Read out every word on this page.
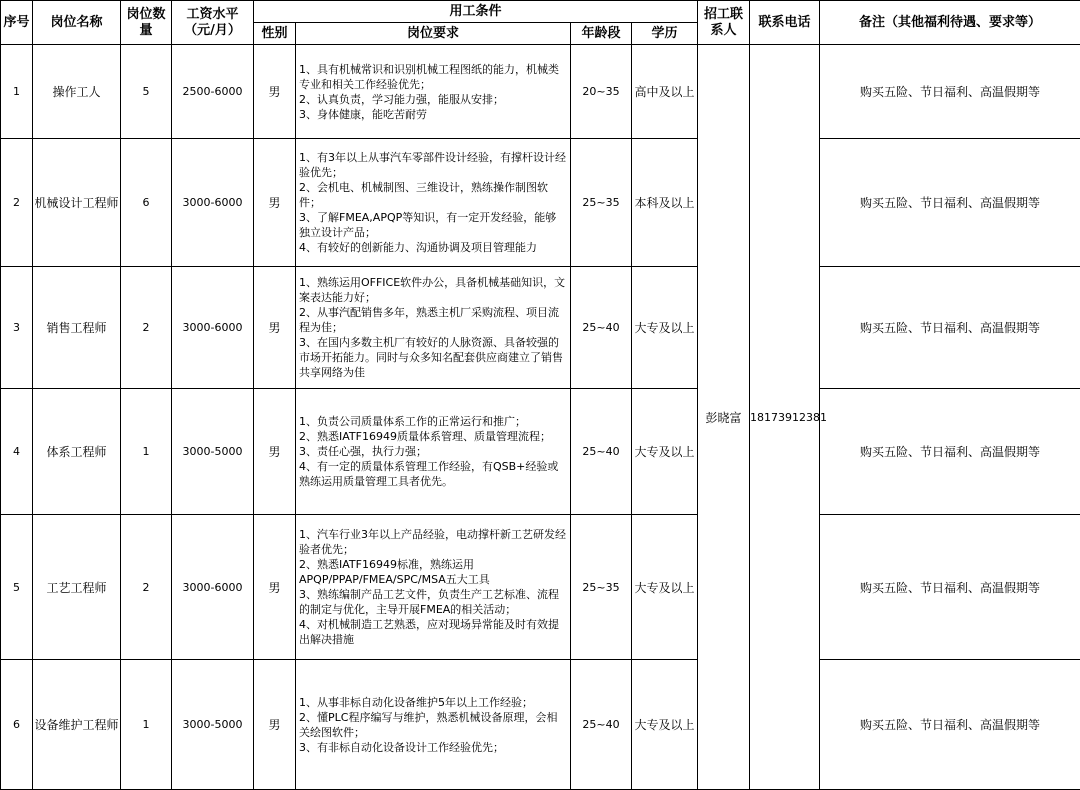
序号	岗位名称	岗位数量	工资水平（元/月）	用工条件				招工联系人	联系电话	备注（其他福利待遇、要求等）
				性别	岗位要求	年龄段	学历			
1	操作工人	5	2500-6000	男	1、具有机械常识和识别机械工程图纸的能力，机械类专业和相关工作经验优先；
2、认真负责，学习能力强，能服从安排；
3、身体健康，能吃苦耐劳	20~35	高中及以上	彭晓富	18173912381	购买五险、节日福利、高温假期等
2	机械设计工程师	6	3000-6000	男	1、有3年以上从事汽车零部件设计经验，有撑杆设计经验优先；
2、会机电、机械制图、三维设计，熟练操作制图软件；
3、了解FMEA,APQP等知识，有一定开发经验，能够独立设计产品；
4、有较好的创新能力、沟通协调及项目管理能力	25~35	本科及以上			购买五险、节日福利、高温假期等
3	销售工程师	2	3000-6000	男	1、熟练运用OFFICE软件办公，具备机械基础知识，文案表达能力好；
2、从事汽配销售多年，熟悉主机厂采购流程、项目流程为佳；
3、在国内多数主机厂有较好的人脉资源、具备较强的市场开拓能力。同时与众多知名配套供应商建立了销售共享网络为佳	25~40	大专及以上			购买五险、节日福利、高温假期等
4	体系工程师	1	3000-5000	男	1、负责公司质量体系工作的正常运行和推广；
2、熟悉IATF16949质量体系管理、质量管理流程；
3、责任心强，执行力强；
4、有一定的质量体系管理工作经验，有QSB+经验或熟练运用质量管理工具者优先。	25~40	大专及以上			购买五险、节日福利、高温假期等
5	工艺工程师	2	3000-6000	男	1、汽车行业3年以上产品经验，电动撑杆新工艺研发经验者优先；
2、熟悉IATF16949标准，熟练运用APQP/PPAP/FMEA/SPC/MSA五大工具
3、熟练编制产品工艺文件，负责生产工艺标准、流程的制定与优化，主导开展FMEA的相关活动；
4、对机械制造工艺熟悉，应对现场异常能及时有效提出解决措施	25~35	大专及以上			购买五险、节日福利、高温假期等
6	设备维护工程师	1	3000-5000	男	1、从事非标自动化设备维护5年以上工作经验；
2、懂PLC程序编写与维护，熟悉机械设备原理，会相关绘图软件；
3、有非标自动化设备设计工作经验优先；	25~40	大专及以上			购买五险、节日福利、高温假期等
